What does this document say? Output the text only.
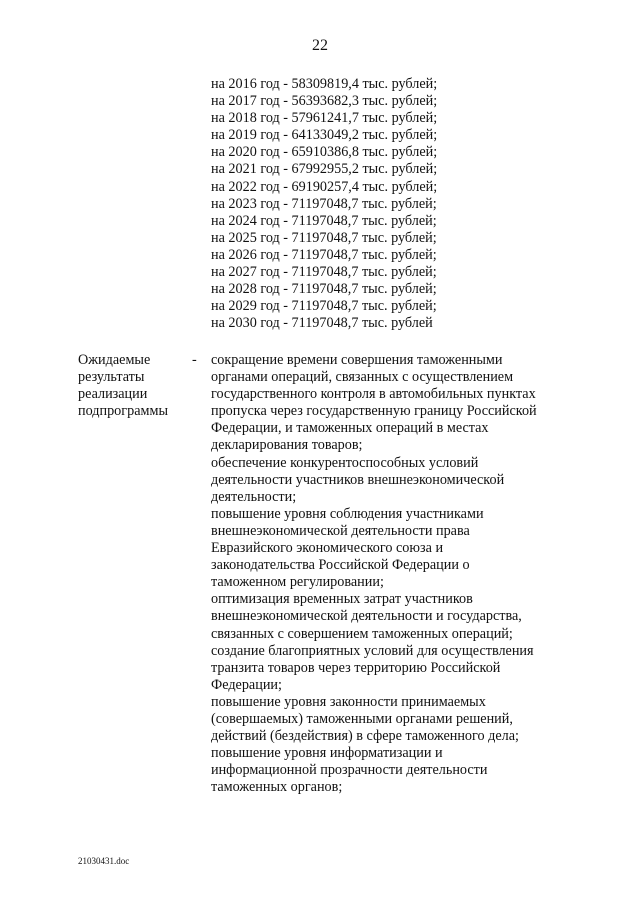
22
на 2016 год - 58309819,4 тыс. рублей;
на 2017 год - 56393682,3 тыс. рублей;
на 2018 год - 57961241,7 тыс. рублей;
на 2019 год - 64133049,2 тыс. рублей;
на 2020 год - 65910386,8 тыс. рублей;
на 2021 год - 67992955,2 тыс. рублей;
на 2022 год - 69190257,4 тыс. рублей;
на 2023 год - 71197048,7 тыс. рублей;
на 2024 год - 71197048,7 тыс. рублей;
на 2025 год - 71197048,7 тыс. рублей;
на 2026 год - 71197048,7 тыс. рублей;
на 2027 год - 71197048,7 тыс. рублей;
на 2028 год - 71197048,7 тыс. рублей;
на 2029 год - 71197048,7 тыс. рублей;
на 2030 год - 71197048,7 тыс. рублей
Ожидаемые
результаты
реализации
подпрограммы
- сокращение времени совершения таможенными
органами операций, связанных с осуществлением
государственного контроля в автомобильных пунктах
пропуска через государственную границу Российской
Федерации, и таможенных операций в местах
декларирования товаров;
обеспечение конкурентоспособных условий
деятельности участников внешнеэкономической
деятельности;
повышение уровня соблюдения участниками
внешнеэкономической деятельности права
Евразийского экономического союза и
законодательства Российской Федерации о
таможенном регулировании;
оптимизация временных затрат участников
внешнеэкономической деятельности и государства,
связанных с совершением таможенных операций;
создание благоприятных условий для осуществления
транзита товаров через территорию Российской
Федерации;
повышение уровня законности принимаемых
(совершаемых) таможенными органами решений,
действий (бездействия) в сфере таможенного дела;
повышение уровня информатизации и
информационной прозрачности деятельности
таможенных органов;
21030431.doc
